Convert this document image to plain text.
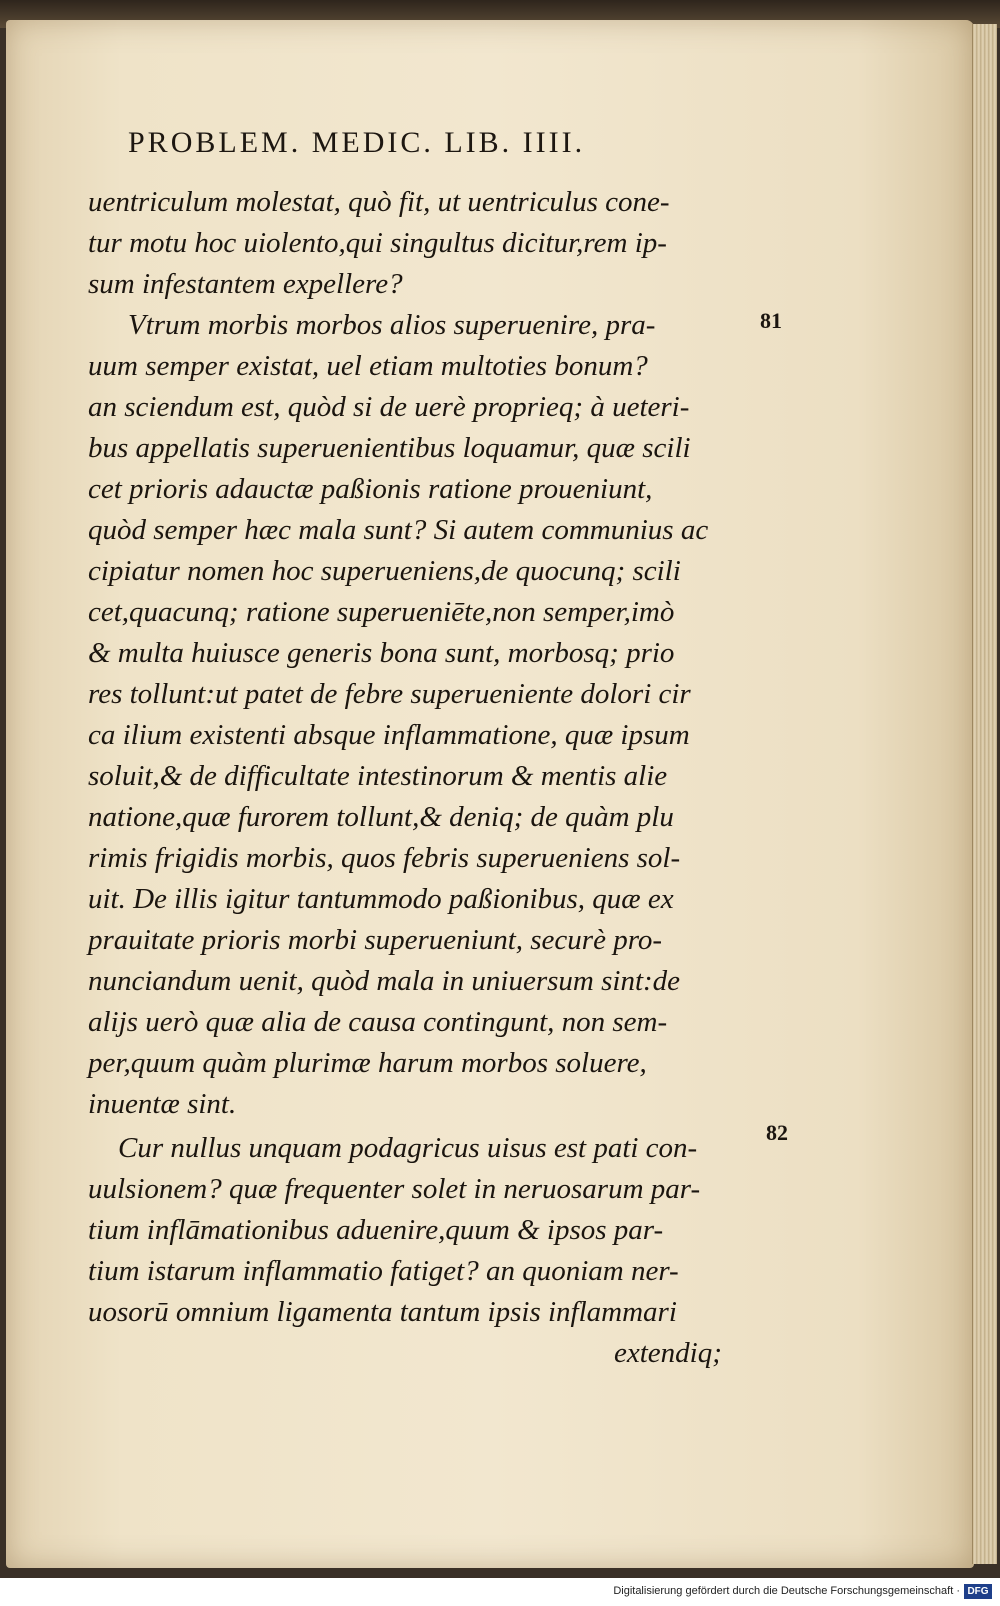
PROBLEM. MEDIC. LIB. IIII.
uentriculum molestat, quò fit, ut uentriculus cone-
tur motu hoc uiolento,qui singultus dicitur,rem ip-
sum infestantem expellere?
Vtrum morbis morbos alios superuenire, pra-
uum semper existat, uel etiam multoties bonum?
an sciendum est, quòd si de uerè proprieq; à ueteri-
bus appellatis superuenientibus loquamur, quæ scili
cet prioris adauctæ paßionis ratione proueniunt,
quòd semper hæc mala sunt? Si autem communius ac
cipiatur nomen hoc superueniens,de quocunq; scili
cet,quacunq; ratione superueniēte,non semper,imò
& multa huiusce generis bona sunt, morbosq; prio
res tollunt:ut patet de febre superueniente dolori cir
ca ilium existenti absque inflammatione, quæ ipsum
soluit,& de difficultate intestinorum & mentis alie
natione,quæ furorem tollunt,& deniq; de quàm plu
rimis frigidis morbis, quos febris superueniens sol-
uit. De illis igitur tantummodo paßionibus, quæ ex
prauitate prioris morbi superueniunt, securè pro-
nunciandum uenit, quòd mala in uniuersum sint:de
alijs uerò quæ alia de causa contingunt, non sem-
per,quum quàm plurimæ harum morbos soluere,
inuentæ sint.
Cur nullus unquam podagricus uisus est pati con-
uulsionem? quæ frequenter solet in neruosarum par-
tium inflāmationibus aduenire,quum & ipsos par-
tium istarum inflammatio fatiget? an quoniam ner-
uosorū omnium ligamenta tantum ipsis inflammari
extendiq;
81
82
Digitalisierung gefördert durch die Deutsche Forschungsgemeinschaft · DFG
